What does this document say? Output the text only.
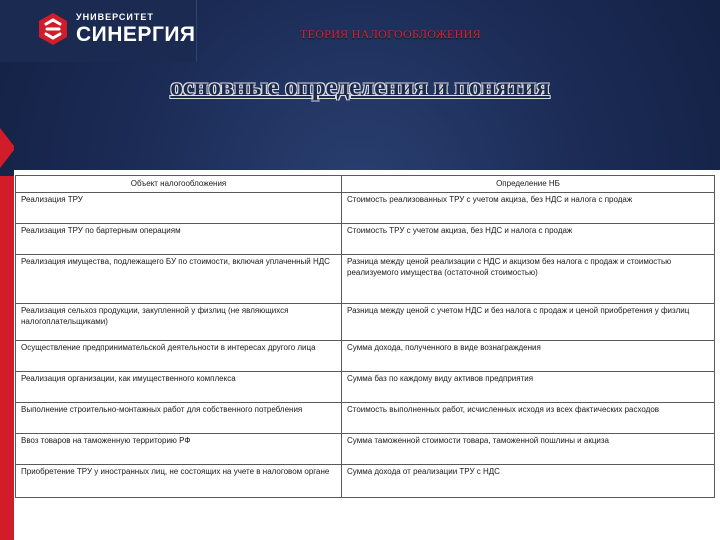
УНИВЕРСИТЕТ
СИНЕРГИЯ	ТЕОРИЯ НАЛОГООБЛОЖЕНИЯ
основные определения и понятия
Объект налогообложения	Определение НБ
Реализация ТРУ	Стоимость реализованных ТРУ с учетом акциза, без НДС и налога с продаж
Реализация ТРУ по бартерным операциям	Стоимость ТРУ с учетом акциза, без НДС и налога с продаж
Реализация имущества, подлежащего БУ по стоимости, включая уплаченный НДС	Разница между ценой реализации с НДС и акцизом без налога с продаж и стоимостью реализуемого имущества (остаточной стоимостью)
Реализация сельхоз продукции, закупленной у физлиц (не являющихся налогоплательщиками)	Разница между ценой с учетом НДС и без налога с продаж и ценой приобретения у физлиц
Осуществление предпринимательской деятельности в интересах другого лица	Сумма дохода, полученного в виде вознаграждения
Реализация организации, как имущественного комплекса	Сумма баз по каждому виду активов предприятия
Выполнение строительно-монтажных работ для собственного потребления	Стоимость выполненных работ, исчисленных исходя из всех фактических расходов
Ввоз товаров на таможенную территорию РФ	Сумма таможенной стоимости товара, таможенной пошлины и акциза
Приобретение ТРУ у иностранных лиц, не состоящих на учете в налоговом органе	Сумма дохода от реализации ТРУ с НДС
